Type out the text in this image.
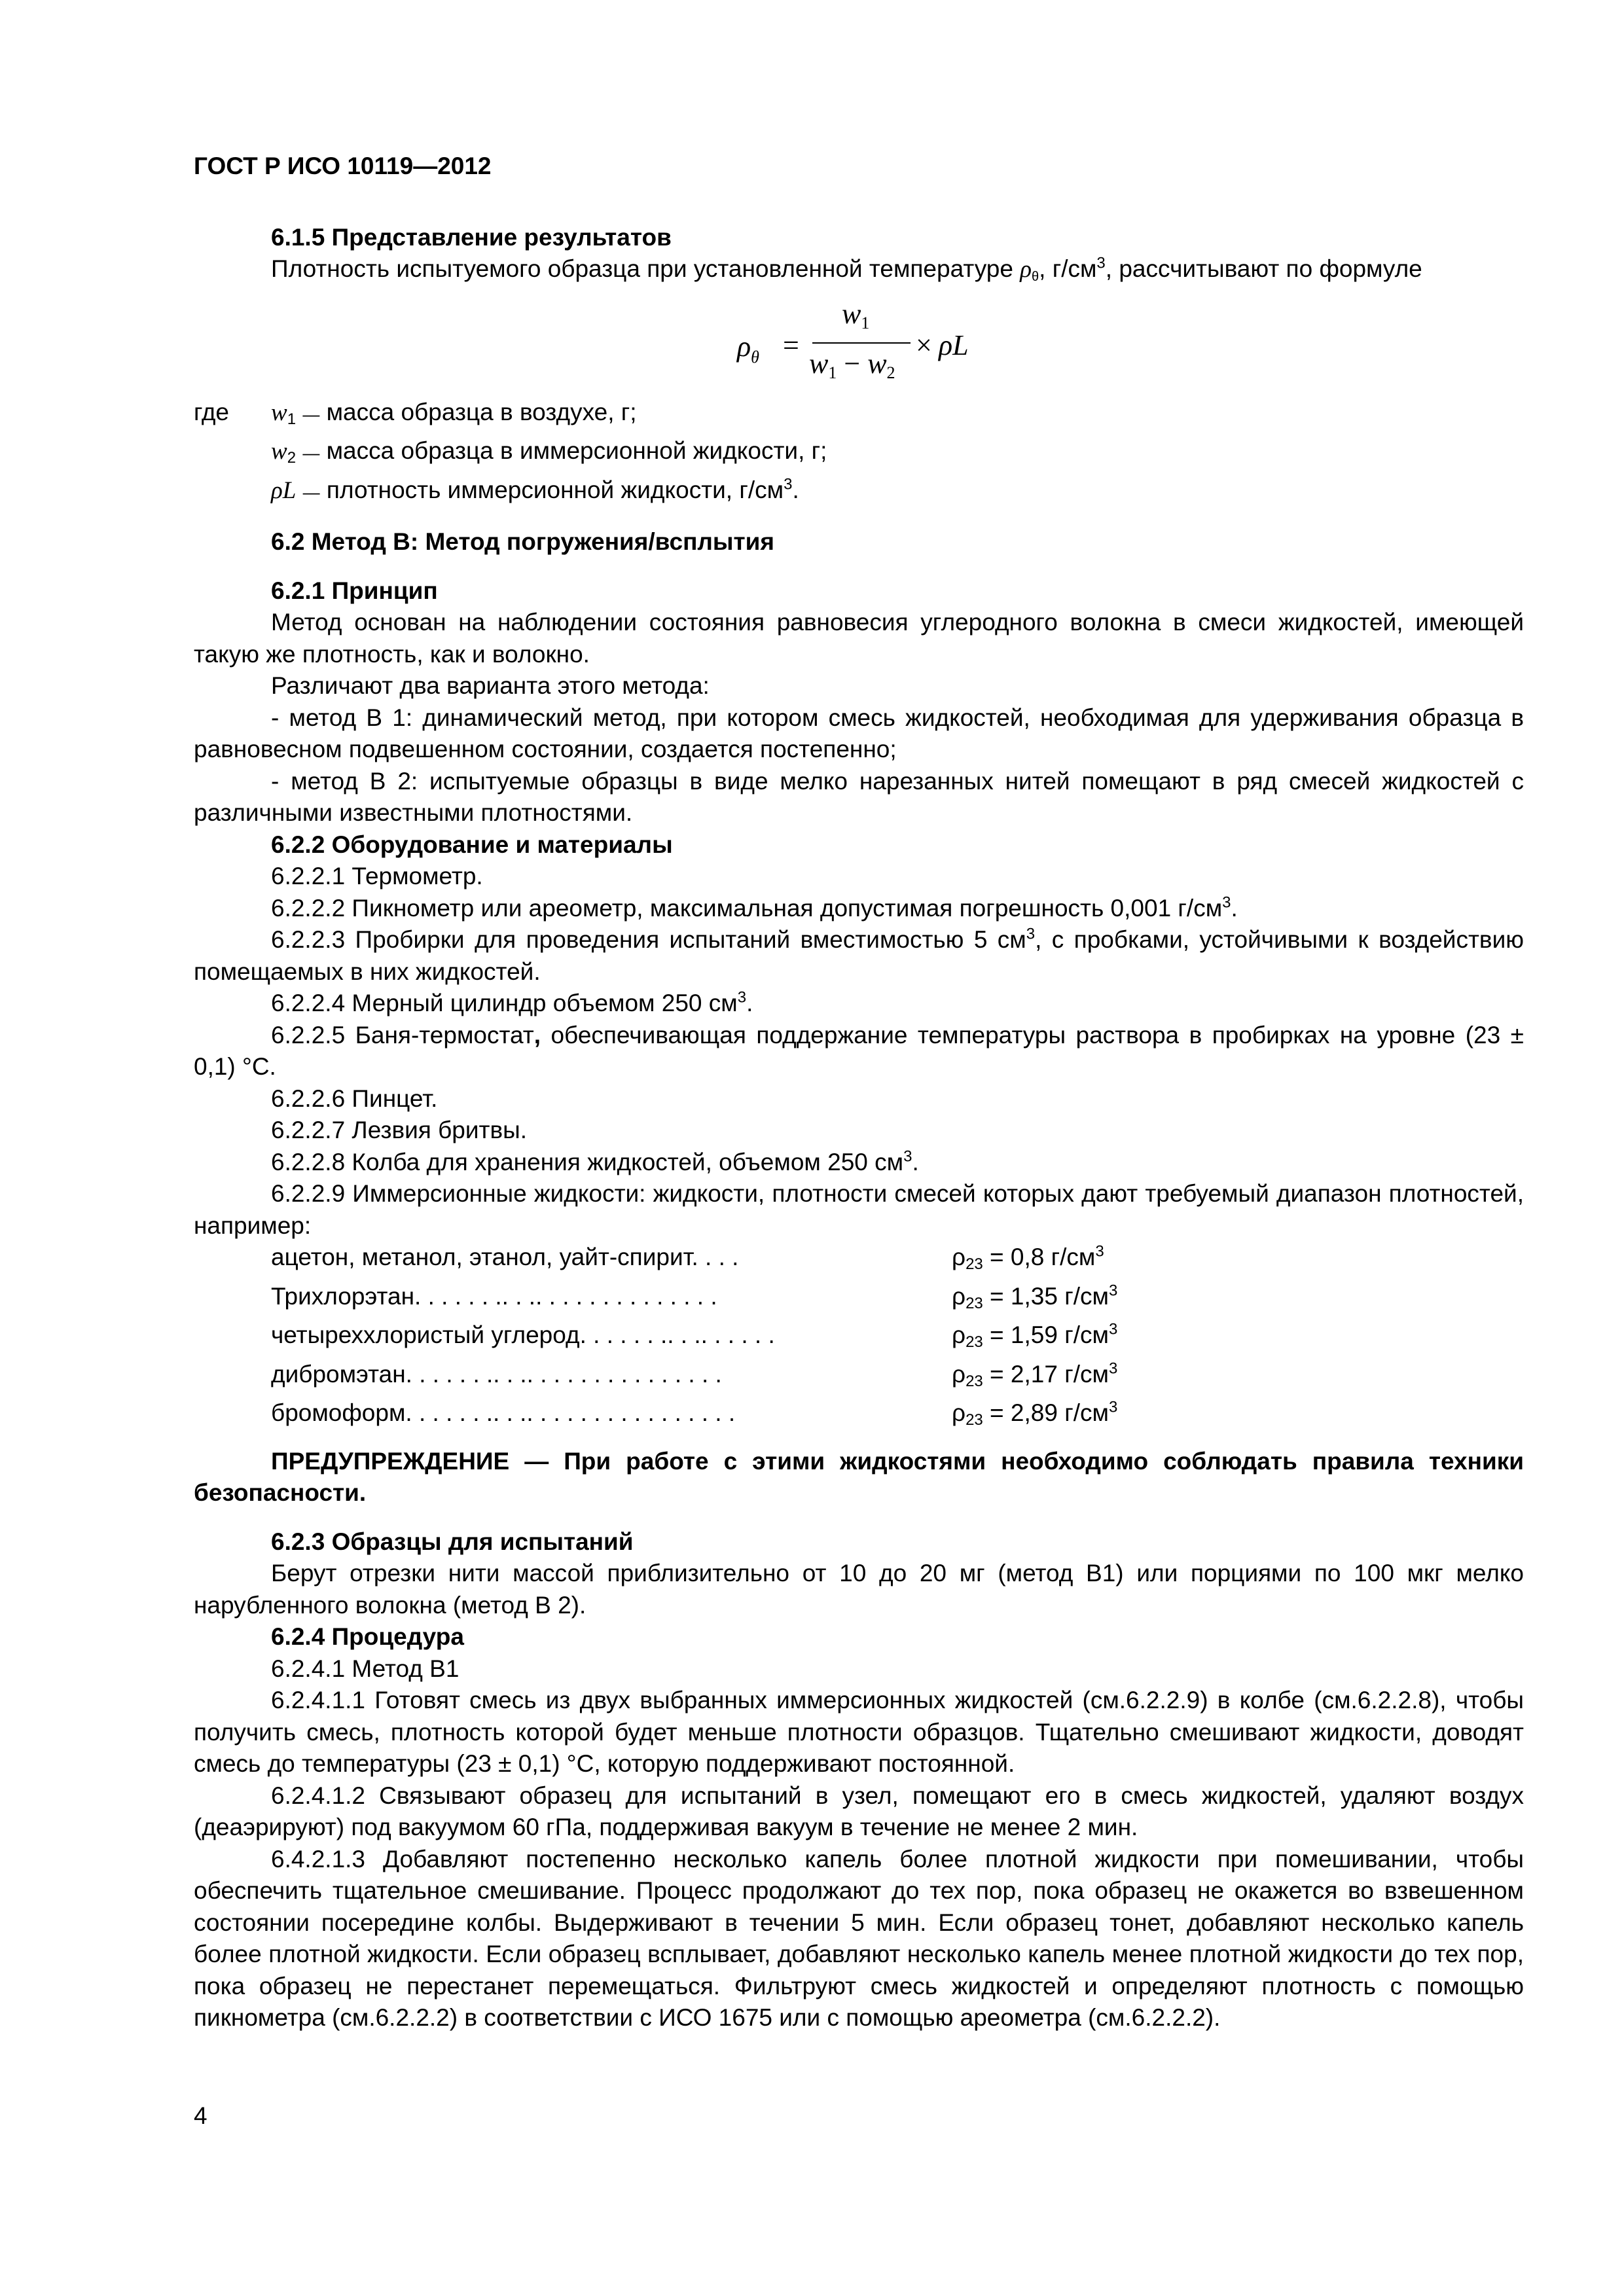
ГОСТ Р ИСО 10119—2012
6.1.5 Представление результатов

Плотность испытуемого образца при установленной температуре $\rho_\theta$, $г/см^3$, рассчитывают по формуле

$\rho_\theta$ =
w1
w1 − w2
× ρL
где	$w_1$ — масса образца в воздухе, г;
	$w_2$ — масса образца в иммерсионной жидкости, г;
	ρL — плотность иммерсионной жидкости, $г/см^3$.
6.2 Метод В: Метод погружения/всплытия
6.2.1 Принцип

Метод основан на наблюдении состояния равновесия углеродного волокна в смеси жидкостей, имеющей такую же плотность, как и волокно.

Различают два варианта этого метода:

- метод В 1: динамический метод, при котором смесь жидкостей, необходимая для удерживания образца в равновесном подвешенном состоянии, создается постепенно;

- метод В 2: испытуемые образцы в виде мелко нарезанных нитей помещают в ряд смесей жидкостей с различными известными плотностями.

6.2.2 Оборудование и материалы

6.2.2.1 Термометр.

6.2.2.2 Пикнометр или ареометр, максимальная допустимая погрешность 0,001 $г/см^3$.

6.2.2.3 Пробирки для проведения испытаний вместимостью 5 $см^3$, с пробками, устойчивыми к воздействию помещаемых в них жидкостей.

6.2.2.4 Мерный цилиндр объемом 250 $см^3$.

6.2.2.5 Баня-термостат, обеспечивающая поддержание температуры раствора в пробирках на уровне (23 ± 0,1) °С.

6.2.2.6 Пинцет.

6.2.2.7 Лезвия бритвы.

6.2.2.8 Колба для хранения жидкостей, объемом 250 $см^3$.

6.2.2.9 Иммерсионные жидкости: жидкости, плотности смесей которых дают требуемый диапазон плотностей, например:

ацетон, метанол, этанол, уайт-спирит. . . .	$\rho_{23} = 0,8$ $г/см^3$
Трихлорэтан. . . . . . .. . .. . . . . . . . . . . . . .	$\rho_{23} = 1,35$ $г/см^3$
четырехxлористый углерод. . . . . . .. . .. . . . . .	$\rho_{23} = 1,59$ $г/см^3$
дибромэтан. . . . . . .. . .. . . . . . . . . . . . . . .	$\rho_{23} = 2,17$ $г/см^3$
бромоформ. . . . . . .. . .. . . . . . . . . . . . . . . .	$\rho_{23} = 2,89$ $г/см^3$

ПРЕДУПРЕЖДЕНИЕ — При работе с этими жидкостями необходимо соблюдать правила техники безопасности.

6.2.3 Образцы для испытаний

Берут отрезки нити массой приблизительно от 10 до 20 мг (метод В1) или порциями по 100 мкг мелко нарубленного волокна (метод В 2).

6.2.4 Процедура

6.2.4.1 Метод В1

6.2.4.1.1 Готовят смесь из двух выбранных иммерсионных жидкостей (см.6.2.2.9) в колбе (см.6.2.2.8), чтобы получить смесь, плотность которой будет меньше плотности образцов. Тщательно смешивают жидкости, доводят смесь до температуры (23 ± 0,1) °С, которую поддерживают постоянной.

6.2.4.1.2 Связывают образец для испытаний в узел, помещают его в смесь жидкостей, удаляют воздух (деаэрируют) под вакуумом 60 гПа, поддерживая вакуум в течение не менее 2 мин.

6.4.2.1.3 Добавляют постепенно несколько капель более плотной жидкости при помешивании, чтобы обеспечить тщательное смешивание. Процесс продолжают до тех пор, пока образец не окажется во взвешенном состоянии посередине колбы. Выдерживают в течении 5 мин. Если образец тонет, добавляют несколько капель более плотной жидкости. Если образец всплывает, добавляют несколько капель менее плотной жидкости до тех пор, пока образец не перестанет перемещаться. Фильтруют смесь жидкостей и определяют плотность с помощью пикнометра (см.6.2.2.2) в соответствии с ИСО 1675 или с помощью ареометра (см.6.2.2.2).

4
